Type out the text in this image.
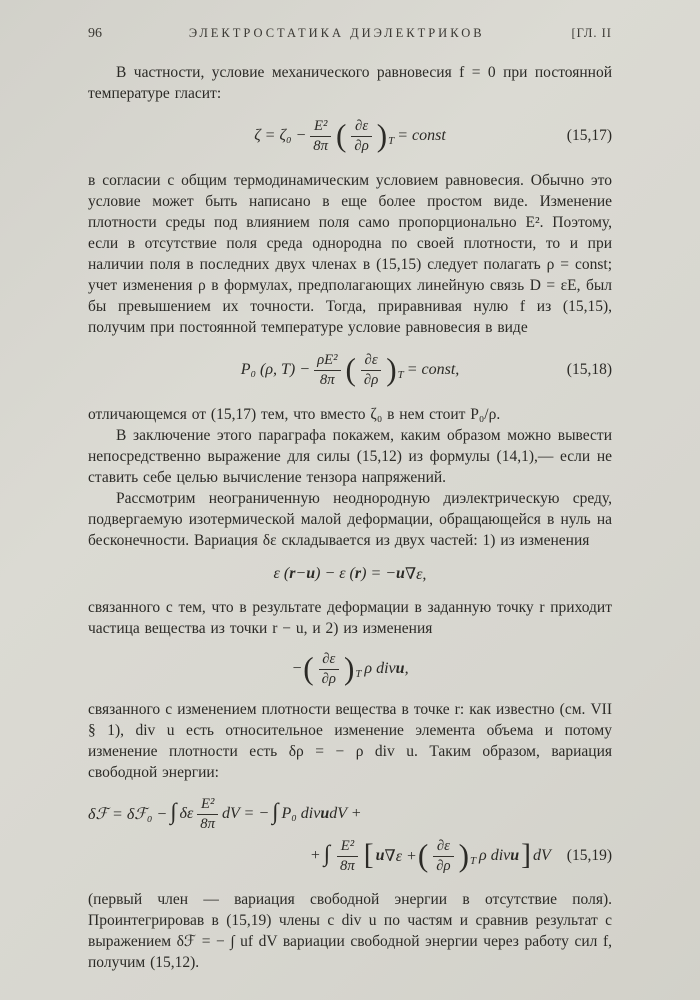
96	ЭЛЕКТРОСТАТИКА ДИЭЛЕКТРИКОВ	[ГЛ. II

В частности, условие механического равновесия f = 0 при постоянной температуре гласит:

$\zeta = \zeta_0 - \frac{\text{E²}}{8\pi}$ ( $\frac{\partial\varepsilon}{\partial\rho} )_T$ = const	(15,17)

в согласии с общим термодинамическим условием равновесия. Обычно это условие может быть написано в еще более простом виде. Изменение плотности среды под влиянием поля само пропорционально E². Поэтому, если в отсутствие поля среда однородна по своей плотности, то и при наличии поля в последних двух членах в (15,15) следует полагать ρ = const; учет изменения ρ в формулах, предполагающих линейную связь D = εE, был бы превышением их точности. Тогда, приравнивая нулю f из (15,15), получим при постоянной температуре условие равновесия в виде

P₀ (ρ, $T) - \frac{\text{ρE²}}{8\pi}$ ( $\frac{\partial\varepsilon}{\partial\rho} )_T$ = const,	(15,18)

отличающемся от (15,17) тем, что вместо ζ₀ в нем стоит P₀/ρ.

В заключение этого параграфа покажем, каким образом можно вывести непосредственно выражение для силы (15,12) из формулы (14,1),— если не ставить себе целью вычисление тензора напряжений.

Рассмотрим неограниченную неоднородную диэлектрическую среду, подвергаемую изотермической малой деформации, обращающейся в нуль на бесконечности. Вариация δε складывается из двух частей: 1) из изменения

ε ( r − u ) − ε ( r ) = − u ∇ε,

связанного с тем, что в результате деформации в заданную точку r приходит частица вещества из точки r − u, и 2) из изменения

− ( $\frac{\partial\varepsilon}{\partial\rho} )_T$ ρ div u ,

связанного с изменением плотности вещества в точке r: как известно (см. VII § 1), div u есть относительное изменение элемента объема и потому изменение плотности есть δρ = − ρ div u. Таким образом, вариация свободной энергии:

δℱ = δℱ₀ − ∫ δε $\frac{\text{E²}}{8\pi}$ dV = − ∫ P₀ div u dV +
+ ∫ $\frac{\text{E²}}{8\pi}$ [ u ∇ε + ( $\frac{\partial\varepsilon}{\partial\rho} )_T$ ρ div u ] dV (15,19)

(первый член — вариация свободной энергии в отсутствие поля). Проинтегрировав в (15,19) члены с div u по частям и сравнив результат с выражением δℱ = − ∫ uf dV вариации свободной энергии через работу сил f, получим (15,12).
